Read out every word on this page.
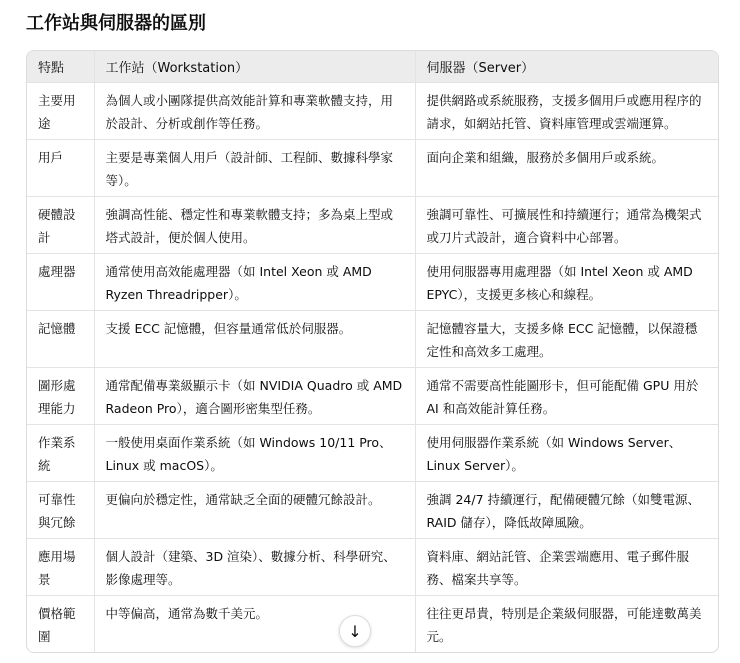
工作站與伺服器的區別
特點	工作站（Workstation）	伺服器（Server）
主要用途	為個人或小團隊提供高效能計算和專業軟體支持，用於設計、分析或創作等任務。	提供網路或系統服務，支援多個用戶或應用程序的請求，如網站托管、資料庫管理或雲端運算。
用戶	主要是專業個人用戶（設計師、工程師、數據科學家等）。	面向企業和組織，服務於多個用戶或系統。
硬體設計	強調高性能、穩定性和專業軟體支持；多為桌上型或塔式設計，便於個人使用。	強調可靠性、可擴展性和持續運行；通常為機架式或刀片式設計，適合資料中心部署。
處理器	通常使用高效能處理器（如 Intel Xeon 或 AMD Ryzen Threadripper）。	使用伺服器專用處理器（如 Intel Xeon 或 AMD EPYC），支援更多核心和線程。
記憶體	支援 ECC 記憶體，但容量通常低於伺服器。	記憶體容量大，支援多條 ECC 記憶體，以保證穩定性和高效多工處理。
圖形處理能力	通常配備專業級顯示卡（如 NVIDIA Quadro 或 AMD Radeon Pro），適合圖形密集型任務。	通常不需要高性能圖形卡，但可能配備 GPU 用於 AI 和高效能計算任務。
作業系統	一般使用桌面作業系統（如 Windows 10/11 Pro、Linux 或 macOS）。	使用伺服器作業系統（如 Windows Server、Linux Server）。
可靠性與冗餘	更偏向於穩定性，通常缺乏全面的硬體冗餘設計。	強調 24/7 持續運行，配備硬體冗餘（如雙電源、RAID 儲存），降低故障風險。
應用場景	個人設計（建築、3D 渲染）、數據分析、科學研究、影像處理等。	資料庫、網站託管、企業雲端應用、電子郵件服務、檔案共享等。
價格範圍	中等偏高，通常為數千美元。	往往更昂貴，特別是企業級伺服器，可能達數萬美元。
↓
